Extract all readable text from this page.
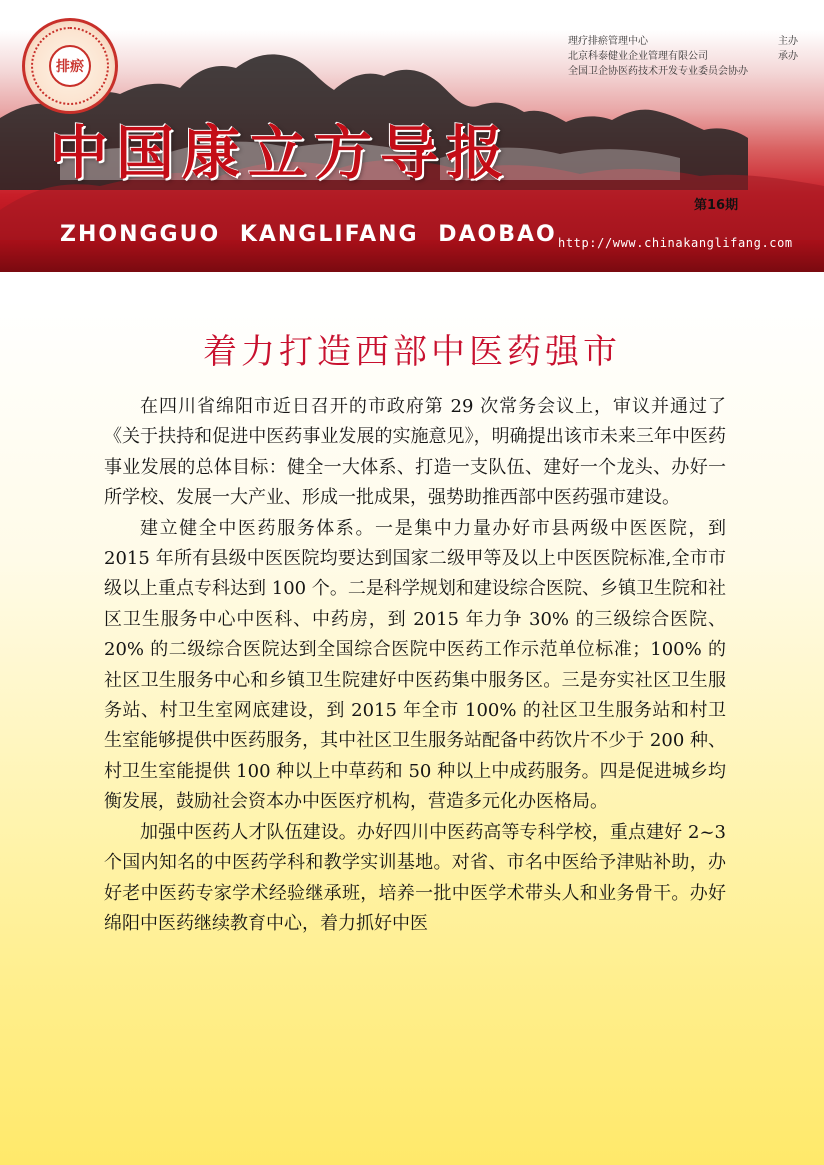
排瘀
理疗排瘀管理中心	主办
北京科泰健业企业管理有限公司	承办
全国卫企协医药技术开发专业委员会协办
中国康立方导报
ZHONGGUO KANGLIFANG DAOBAO
第16期
http://www.chinakanglifang.com
着力打造西部中医药强市

在四川省绵阳市近日召开的市政府第 29 次常务会议上，审议并通过了《关于扶持和促进中医药事业发展的实施意见》，明确提出该市未来三年中医药事业发展的总体目标：健全一大体系、打造一支队伍、建好一个龙头、办好一所学校、发展一大产业、形成一批成果，强势助推西部中医药强市建设。

建立健全中医药服务体系。一是集中力量办好市县两级中医医院，到 2015 年所有县级中医医院均要达到国家二级甲等及以上中医医院标准,全市市级以上重点专科达到 100 个。二是科学规划和建设综合医院、乡镇卫生院和社区卫生服务中心中医科、中药房，到 2015 年力争 30% 的三级综合医院、20% 的二级综合医院达到全国综合医院中医药工作示范单位标准；100% 的社区卫生服务中心和乡镇卫生院建好中医药集中服务区。三是夯实社区卫生服务站、村卫生室网底建设，到 2015 年全市 100% 的社区卫生服务站和村卫生室能够提供中医药服务，其中社区卫生服务站配备中药饮片不少于 200 种、村卫生室能提供 100 种以上中草药和 50 种以上中成药服务。四是促进城乡均衡发展，鼓励社会资本办中医医疗机构，营造多元化办医格局。

加强中医药人才队伍建设。办好四川中医药高等专科学校，重点建好 2~3 个国内知名的中医药学科和教学实训基地。对省、市名中医给予津贴补助，办好老中医药专家学术经验继承班，培养一批中医学术带头人和业务骨干。办好绵阳中医药继续教育中心，着力抓好中医
